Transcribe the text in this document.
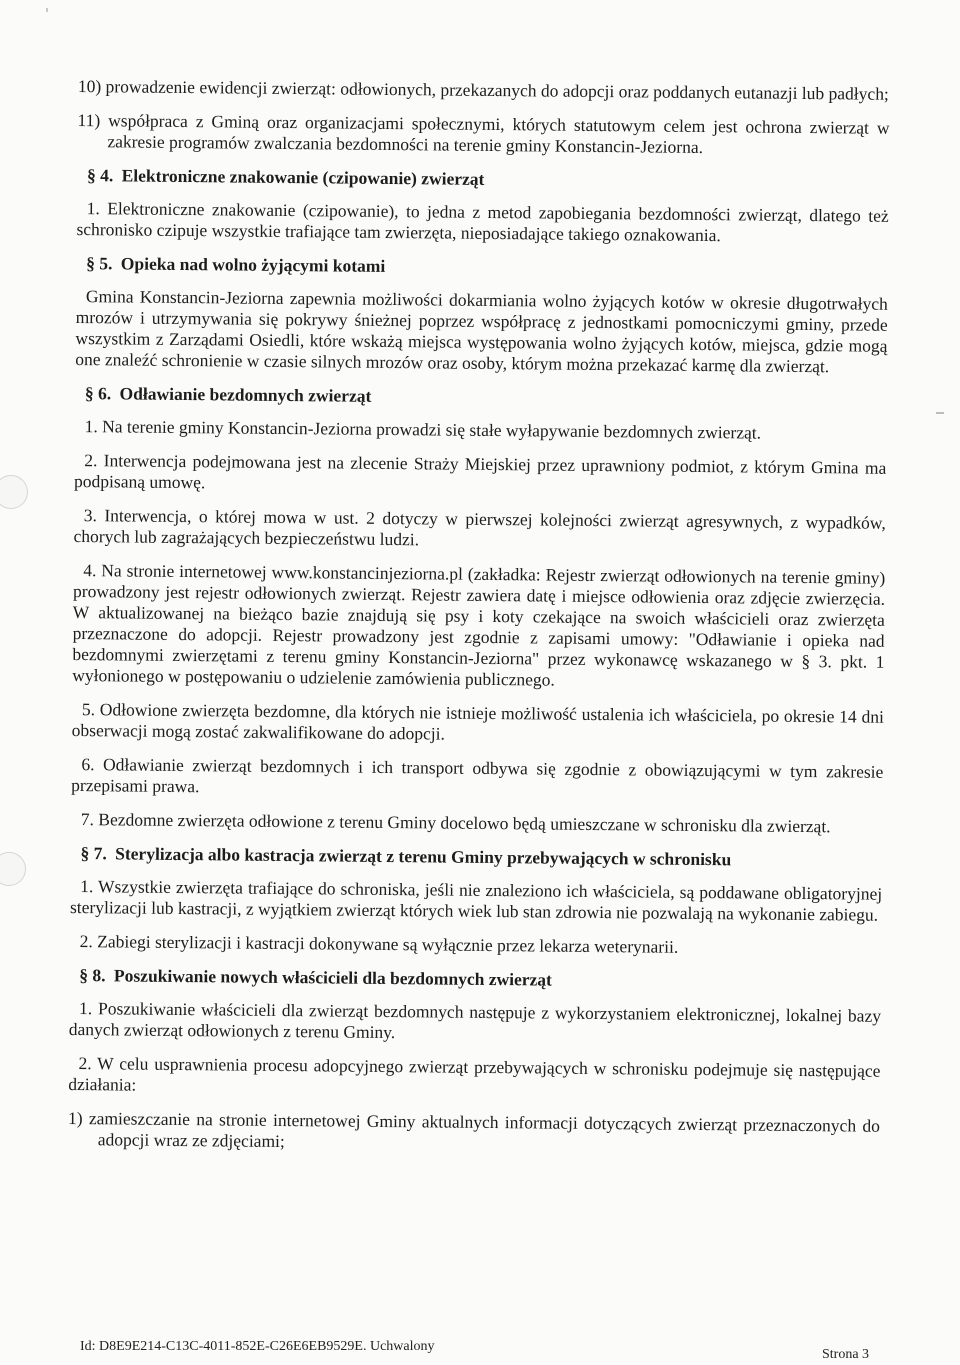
10) prowadzenie ewidencji zwierząt: odłowionych, przekazanych do adopcji oraz poddanych eutanazji lub padłych;
11) współpraca z Gminą oraz organizacjami społecznymi, których statutowym celem jest ochrona zwierząt w zakresie programów zwalczania bezdomności na terenie gminy Konstancin-Jeziorna.
§ 4. Elektroniczne znakowanie (czipowanie) zwierząt
1. Elektroniczne znakowanie (czipowanie), to jedna z metod zapobiegania bezdomności zwierząt, dlatego też schronisko czipuje wszystkie trafiające tam zwierzęta, nieposiadające takiego oznakowania.
§ 5. Opieka nad wolno żyjącymi kotami
Gmina Konstancin-Jeziorna zapewnia możliwości dokarmiania wolno żyjących kotów w okresie długotrwałych mrozów i utrzymywania się pokrywy śnieżnej poprzez współpracę z jednostkami pomocniczymi gminy, przede wszystkim z Zarządami Osiedli, które wskażą miejsca występowania wolno żyjących kotów, miejsca, gdzie mogą one znaleźć schronienie w czasie silnych mrozów oraz osoby, którym można przekazać karmę dla zwierząt.
§ 6. Odławianie bezdomnych zwierząt
1. Na terenie gminy Konstancin-Jeziorna prowadzi się stałe wyłapywanie bezdomnych zwierząt.
2. Interwencja podejmowana jest na zlecenie Straży Miejskiej przez uprawniony podmiot, z którym Gmina ma podpisaną umowę.
3. Interwencja, o której mowa w ust. 2 dotyczy w pierwszej kolejności zwierząt agresywnych, z wypadków, chorych lub zagrażających bezpieczeństwu ludzi.
4. Na stronie internetowej www.konstancinjeziorna.pl (zakładka: Rejestr zwierząt odłowionych na terenie gminy) prowadzony jest rejestr odłowionych zwierząt. Rejestr zawiera datę i miejsce odłowienia oraz zdjęcie zwierzęcia. W aktualizowanej na bieżąco bazie znajdują się psy i koty czekające na swoich właścicieli oraz zwierzęta przeznaczone do adopcji. Rejestr prowadzony jest zgodnie z zapisami umowy: "Odławianie i opieka nad bezdomnymi zwierzętami z terenu gminy Konstancin-Jeziorna" przez wykonawcę wskazanego w § 3. pkt. 1 wyłonionego w postępowaniu o udzielenie zamówienia publicznego.
5. Odłowione zwierzęta bezdomne, dla których nie istnieje możliwość ustalenia ich właściciela, po okresie 14 dni obserwacji mogą zostać zakwalifikowane do adopcji.
6. Odławianie zwierząt bezdomnych i ich transport odbywa się zgodnie z obowiązującymi w tym zakresie przepisami prawa.
7. Bezdomne zwierzęta odłowione z terenu Gminy docelowo będą umieszczane w schronisku dla zwierząt.
§ 7. Sterylizacja albo kastracja zwierząt z terenu Gminy przebywających w schronisku
1. Wszystkie zwierzęta trafiające do schroniska, jeśli nie znaleziono ich właściciela, są poddawane obligatoryjnej sterylizacji lub kastracji, z wyjątkiem zwierząt których wiek lub stan zdrowia nie pozwalają na wykonanie zabiegu.
2. Zabiegi sterylizacji i kastracji dokonywane są wyłącznie przez lekarza weterynarii.
§ 8. Poszukiwanie nowych właścicieli dla bezdomnych zwierząt
1. Poszukiwanie właścicieli dla zwierząt bezdomnych następuje z wykorzystaniem elektronicznej, lokalnej bazy danych zwierząt odłowionych z terenu Gminy.
2. W celu usprawnienia procesu adopcyjnego zwierząt przebywających w schronisku podejmuje się następujące działania:
1) zamieszczanie na stronie internetowej Gminy aktualnych informacji dotyczących zwierząt przeznaczonych do adopcji wraz ze zdjęciami;
Id: D8E9E214-C13C-4011-852E-C26E6EB9529E. Uchwalony
Strona 3
